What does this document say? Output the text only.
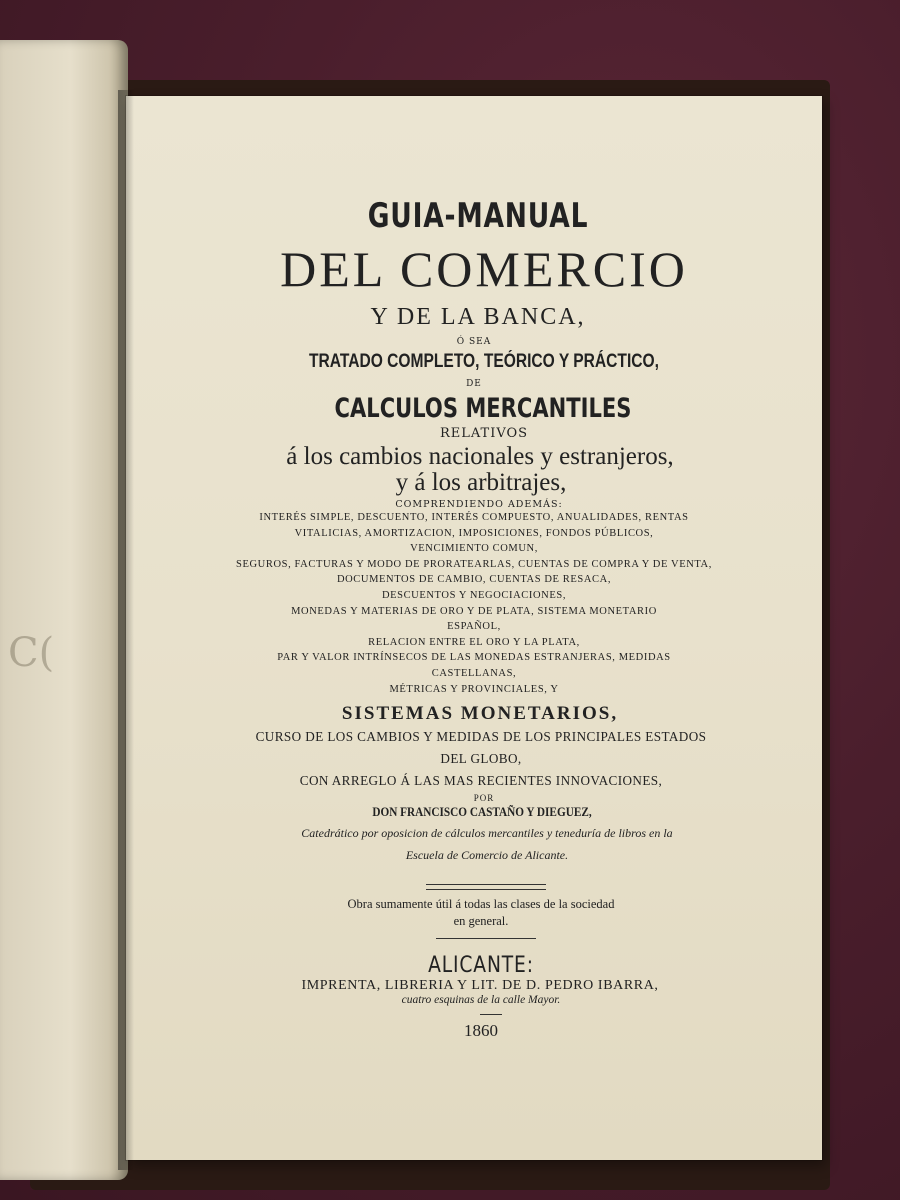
C(
GUIA-MANUAL
DEL COMERCIO
Y DE LA BANCA,
Ó SEA
TRATADO COMPLETO, TEÓRICO Y PRÁCTICO,
DE
CALCULOS MERCANTILES
RELATIVOS
á los cambios nacionales y estranjeros,
y á los arbitrajes,
COMPRENDIENDO ADEMÁS:
INTERÉS SIMPLE, DESCUENTO, INTERÉS COMPUESTO, ANUALIDADES, RENTAS
VITALICIAS, AMORTIZACION, IMPOSICIONES, FONDOS PÚBLICOS,
VENCIMIENTO COMUN,
SEGUROS, FACTURAS Y MODO DE PRORATEARLAS, CUENTAS DE COMPRA Y DE VENTA,
DOCUMENTOS DE CAMBIO, CUENTAS DE RESACA,
DESCUENTOS Y NEGOCIACIONES,
MONEDAS Y MATERIAS DE ORO Y DE PLATA, SISTEMA MONETARIO
ESPAÑOL,
RELACION ENTRE EL ORO Y LA PLATA,
PAR Y VALOR INTRÍNSECOS DE LAS MONEDAS ESTRANJERAS, MEDIDAS
CASTELLANAS,
MÉTRICAS Y PROVINCIALES, Y
SISTEMAS MONETARIOS,
CURSO DE LOS CAMBIOS Y MEDIDAS DE LOS PRINCIPALES ESTADOS
DEL GLOBO,
CON ARREGLO Á LAS MAS RECIENTES INNOVACIONES,
POR
DON FRANCISCO CASTAÑO Y DIEGUEZ,
Catedrático por oposicion de cálculos mercantiles y teneduría de libros en la
Escuela de Comercio de Alicante.
Obra sumamente útil á todas las clases de la sociedad
en general.
ALICANTE:
IMPRENTA, LIBRERIA Y LIT. DE D. PEDRO IBARRA,
cuatro esquinas de la calle Mayor.
1860
